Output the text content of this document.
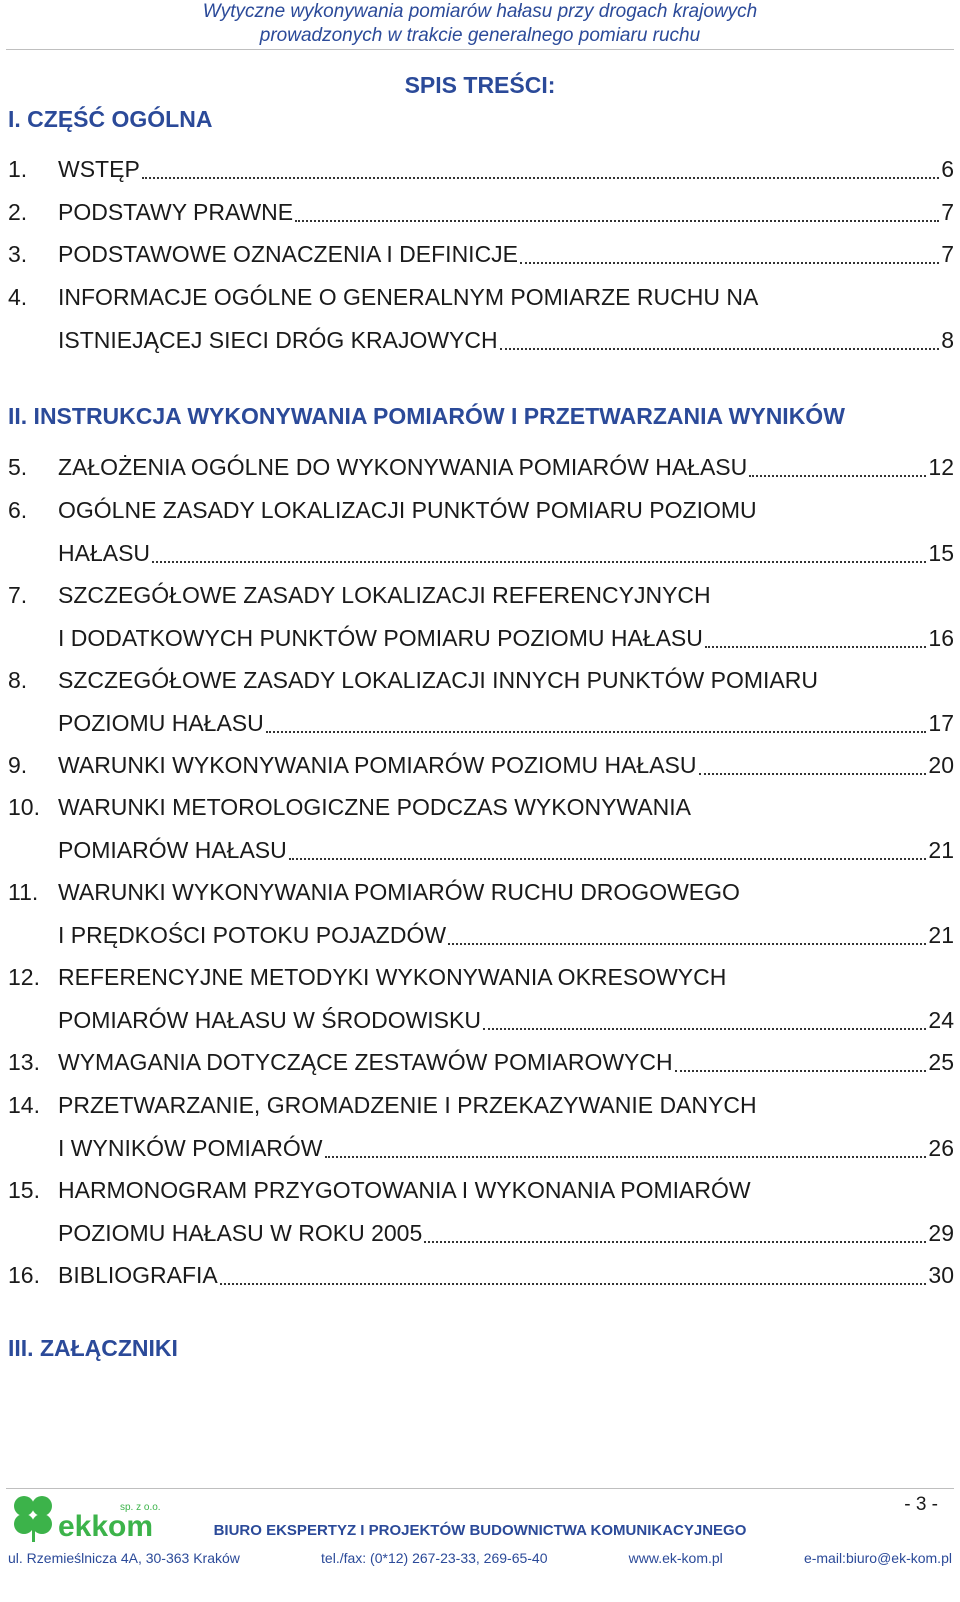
Wytyczne wykonywania pomiarów hałasu przy drogach krajowych
prowadzonych w trakcie generalnego pomiaru ruchu
SPIS TREŚCI:
I. CZĘŚĆ OGÓLNA
1. WSTĘP	6
2. PODSTAWY PRAWNE	7
3. PODSTAWOWE OZNACZENIA I DEFINICJE	7
4. INFORMACJE OGÓLNE O GENERALNYM POMIARZE RUCHU NA
ISTNIEJĄCEJ SIECI DRÓG KRAJOWYCH	8
II. INSTRUKCJA WYKONYWANIA POMIARÓW I PRZETWARZANIA WYNIKÓW
5. ZAŁOŻENIA OGÓLNE DO WYKONYWANIA POMIARÓW HAŁASU	12
6. OGÓLNE ZASADY LOKALIZACJI PUNKTÓW POMIARU POZIOMU
HAŁASU	15
7. SZCZEGÓŁOWE ZASADY LOKALIZACJI REFERENCYJNYCH
I DODATKOWYCH PUNKTÓW POMIARU POZIOMU HAŁASU	16
8. SZCZEGÓŁOWE ZASADY LOKALIZACJI INNYCH PUNKTÓW POMIARU
POZIOMU HAŁASU	17
9. WARUNKI WYKONYWANIA POMIARÓW POZIOMU HAŁASU	20
10. WARUNKI METOROLOGICZNE PODCZAS WYKONYWANIA
POMIARÓW HAŁASU	21
11. WARUNKI WYKONYWANIA POMIARÓW RUCHU DROGOWEGO
I PRĘDKOŚCI POTOKU POJAZDÓW	21
12. REFERENCYJNE METODYKI WYKONYWANIA OKRESOWYCH
POMIARÓW HAŁASU W ŚRODOWISKU	24
13. WYMAGANIA DOTYCZĄCE ZESTAWÓW POMIAROWYCH	25
14. PRZETWARZANIE, GROMADZENIE I PRZEKAZYWANIE DANYCH
I WYNIKÓW POMIARÓW	26
15. HARMONOGRAM PRZYGOTOWANIA I WYKONANIA POMIARÓW
POZIOMU HAŁASU W ROKU 2005	29
16. BIBLIOGRAFIA	30
III. ZAŁĄCZNIKI
ekkom
sp. z o.o.	- 3 -
BIURO EKSPERTYZ I PROJEKTÓW BUDOWNICTWA KOMUNIKACYJNEGO
ul. Rzemieślnicza 4A, 30-363 Kraków	tel./fax: (0*12) 267-23-33, 269-65-40	www.ek-kom.pl	e-mail:biuro@ek-kom.pl
